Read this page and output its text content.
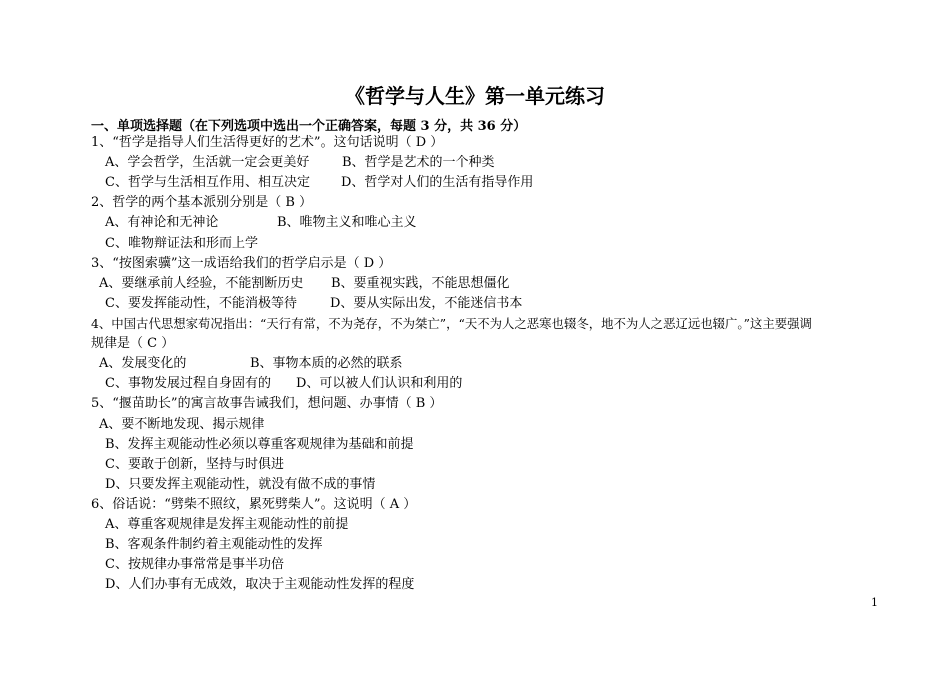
《哲学与人生》第一单元练习
一、单项选择题（在下列选项中选出一个正确答案，每题 3 分，共 36 分）
1、“哲学是指导人们生活得更好的艺术”。这句话说明（ D ）
A、学会哲学，生活就一定会更美好	B、哲学是艺术的一个种类
C、哲学与生活相互作用、相互决定 D、哲学对人们的生活有指导作用
2、哲学的两个基本派别分别是（ B ）
A、有神论和无神论	B、唯物主义和唯心主义
C、唯物辩证法和形而上学
3、“按图索骥”这一成语给我们的哲学启示是（ D ）
A、要继承前人经验，不能割断历史 B、要重视实践，不能思想僵化
C、要发挥能动性，不能消极等待	D、要从实际出发，不能迷信书本
4、中国古代思想家荀况指出：“天行有常，不为尧存，不为桀亡”，“天不为人之恶寒也辍冬，地不为人之恶辽远也辍广。”这主要强调
规律是（ C ）
A、发展变化的	B、事物本质的必然的联系
C、事物发展过程自身固有的 D、可以被人们认识和利用的
5、“揠苗助长”的寓言故事告诫我们，想问题、办事情（ B ）
A、要不断地发现、揭示规律
B、发挥主观能动性必须以尊重客观规律为基础和前提
C、要敢于创新，坚持与时俱进
D、只要发挥主观能动性，就没有做不成的事情
6、俗话说：“劈柴不照纹，累死劈柴人”。这说明（ A ）
A、尊重客观规律是发挥主观能动性的前提
B、客观条件制约着主观能动性的发挥
C、按规律办事常常是事半功倍
D、人们办事有无成效，取决于主观能动性发挥的程度
1
